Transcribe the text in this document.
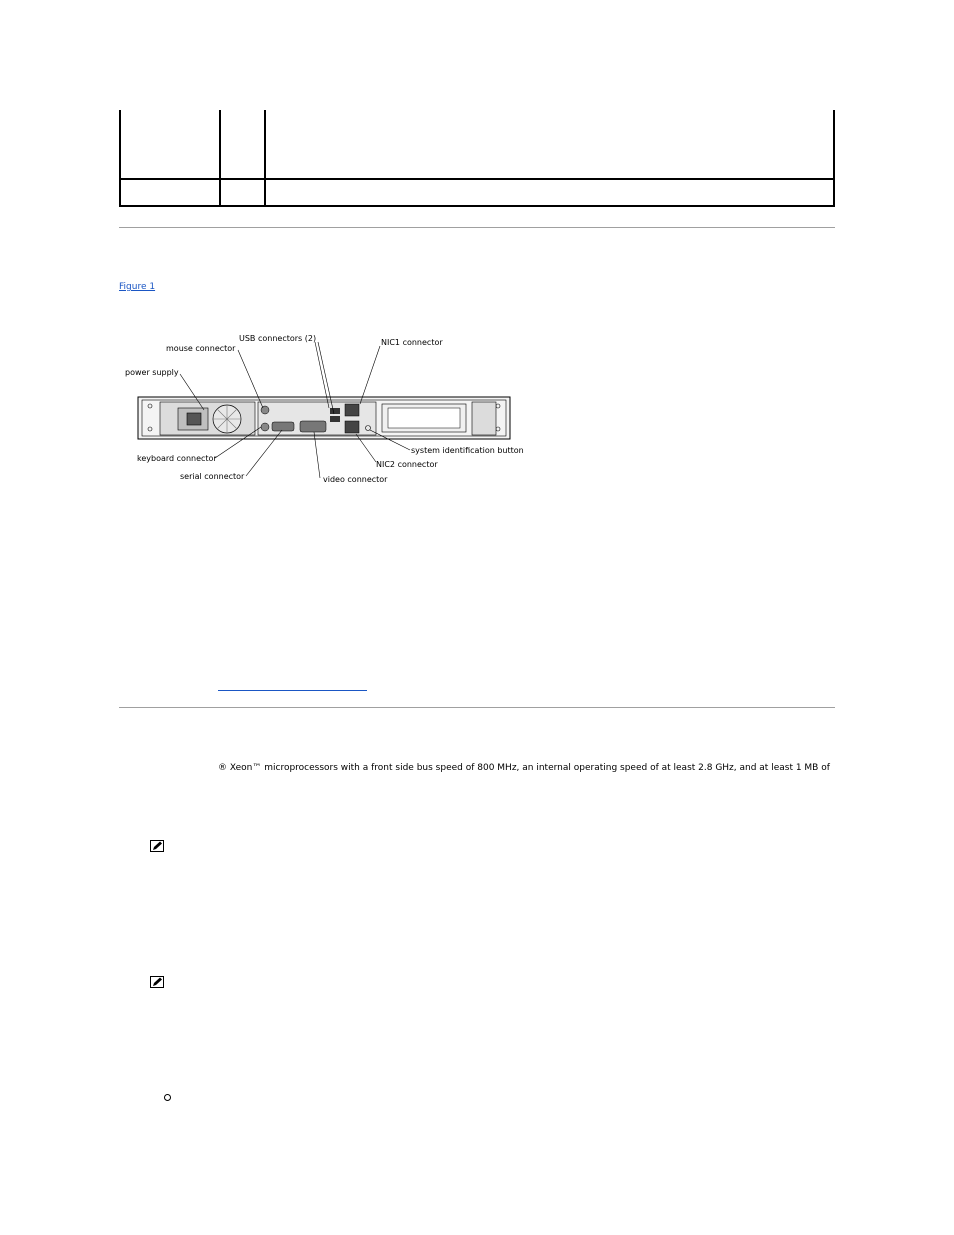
Figure 1
USB connectors (2)	NIC1 connector
mouse connector
power supply
keyboard connector
serial connector	video connector
NIC2 connector
system identification button
® Xeon™ microprocessors with a front side bus speed of 800 MHz, an internal operating speed of at least 2.8 GHz, and at least 1 MB of
